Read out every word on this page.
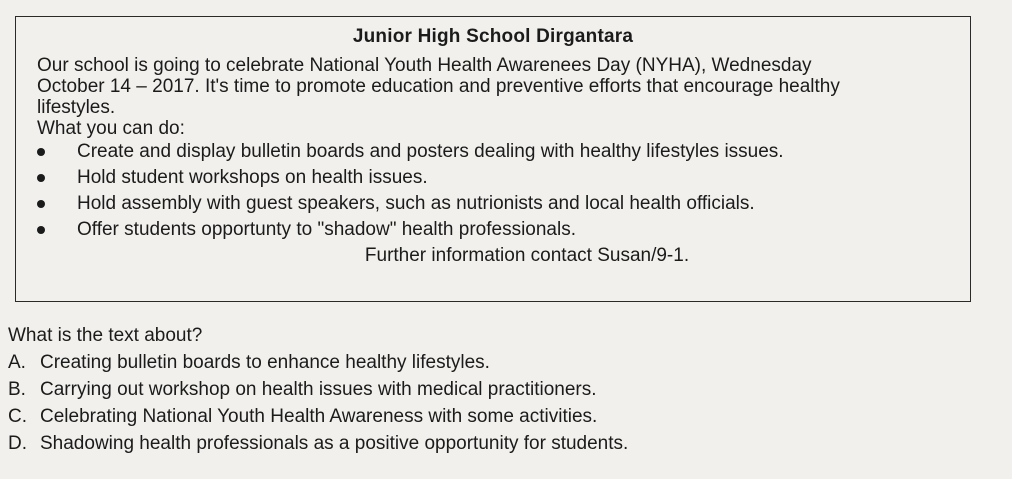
Junior High School Dirgantara

Our school is going to celebrate National Youth Health Awarenees Day (NYHA), Wednesday

October 14 – 2017. It's time to promote education and preventive efforts that encourage healthy

lifestyles.

What you can do:

Create and display bulletin boards and posters dealing with healthy lifestyles issues.
Hold student workshops on health issues.
Hold assembly with guest speakers, such as nutrionists and local health officials.
Offer students opportunty to "shadow" health professionals.

Further information contact Susan/9-1.

What is the text about?

A. Creating bulletin boards to enhance healthy lifestyles.
B. Carrying out workshop on health issues with medical practitioners.
C. Celebrating National Youth Health Awareness with some activities.
D. Shadowing health professionals as a positive opportunity for students.
